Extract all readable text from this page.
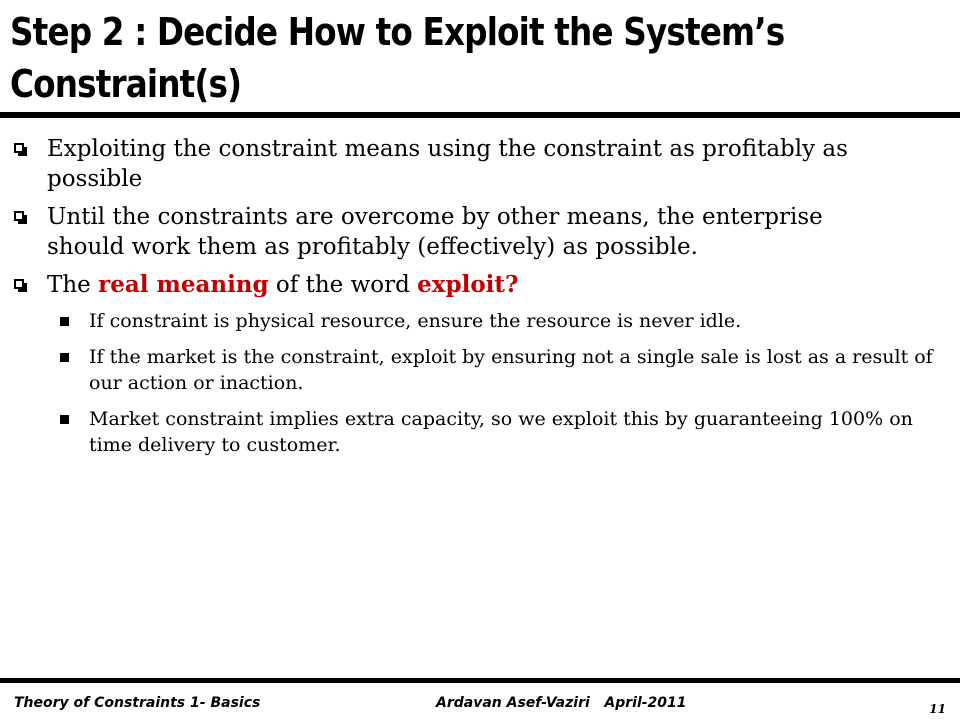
Step 2 : Decide How to Exploit the System’s
Constraint(s)
Exploiting the constraint means using the constraint as profitably as possible
Until the constraints are overcome by other means, the enterprise should work them as profitably (effectively) as possible.
The real meaning of the word exploit?
If constraint is physical resource, ensure the resource is never idle.
If the market is the constraint, exploit by ensuring not a single sale is lost as a result of our action or inaction.
Market constraint implies extra capacity, so we exploit this by guaranteeing 100% on time delivery to customer.
Theory of Constraints 1- Basics	Ardavan Asef-Vaziri   April-2011	11
